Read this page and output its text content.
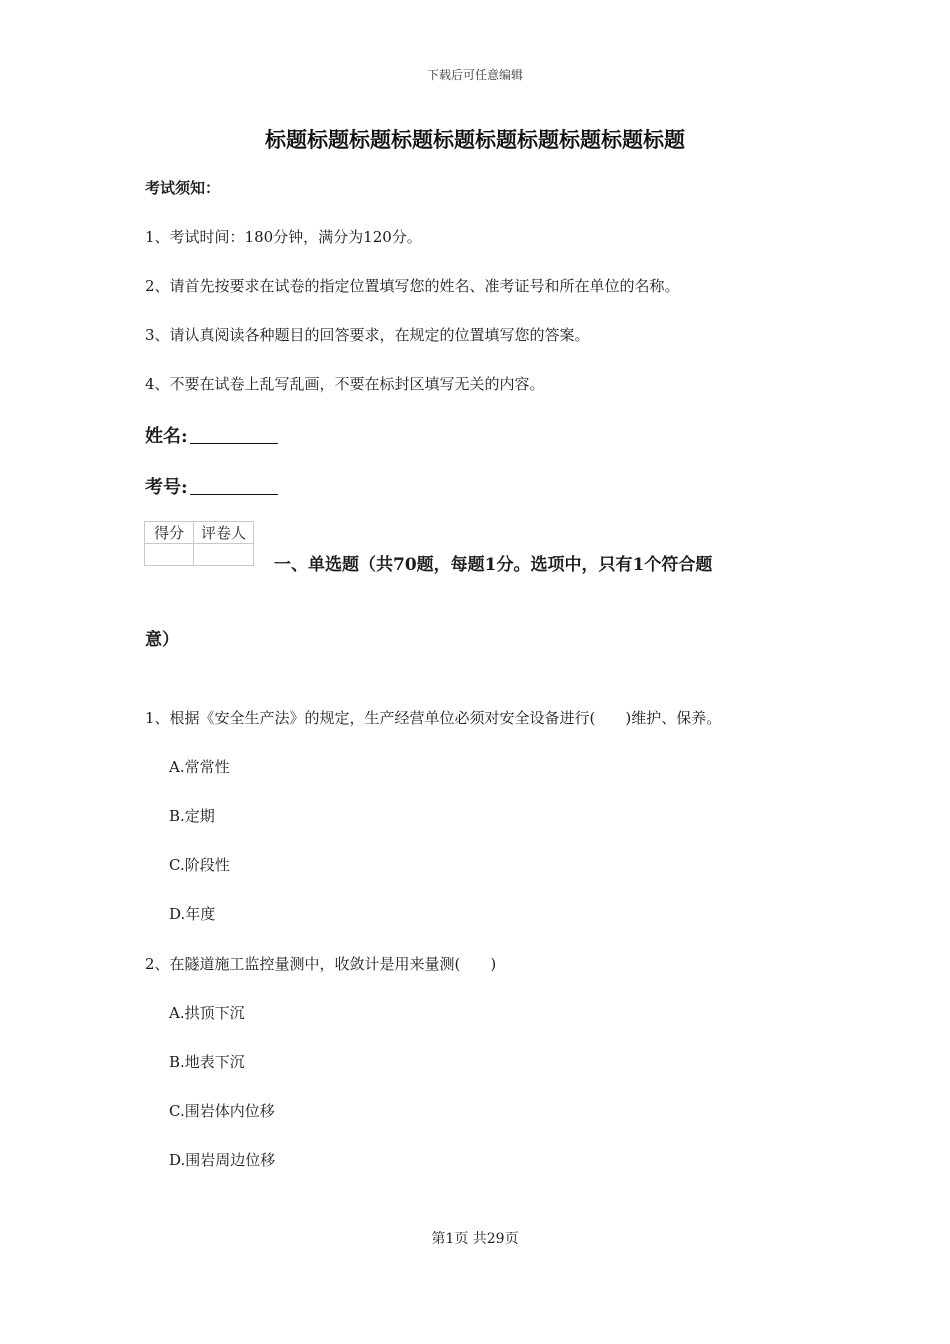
下载后可任意编辑
标题标题标题标题标题标题标题标题标题标题
考试须知：
1、考试时间：180分钟，满分为120分。
2、请首先按要求在试卷的指定位置填写您的姓名、准考证号和所在单位的名称。
3、请认真阅读各种题目的回答要求，在规定的位置填写您的答案。
4、不要在试卷上乱写乱画，不要在标封区填写无关的内容。
姓名:
考号:
得分	评卷人

一、单选题（共70题，每题1分。选项中，只有1个符合题
意）
1、根据《安全生产法》的规定，生产经营单位必须对安全设备进行(　　)维护、保养。
A.常常性
B.定期
C.阶段性
D.年度
2、在隧道施工监控量测中，收敛计是用来量测(　　)
A.拱顶下沉
B.地表下沉
C.围岩体内位移
D.围岩周边位移
第1页 共29页
